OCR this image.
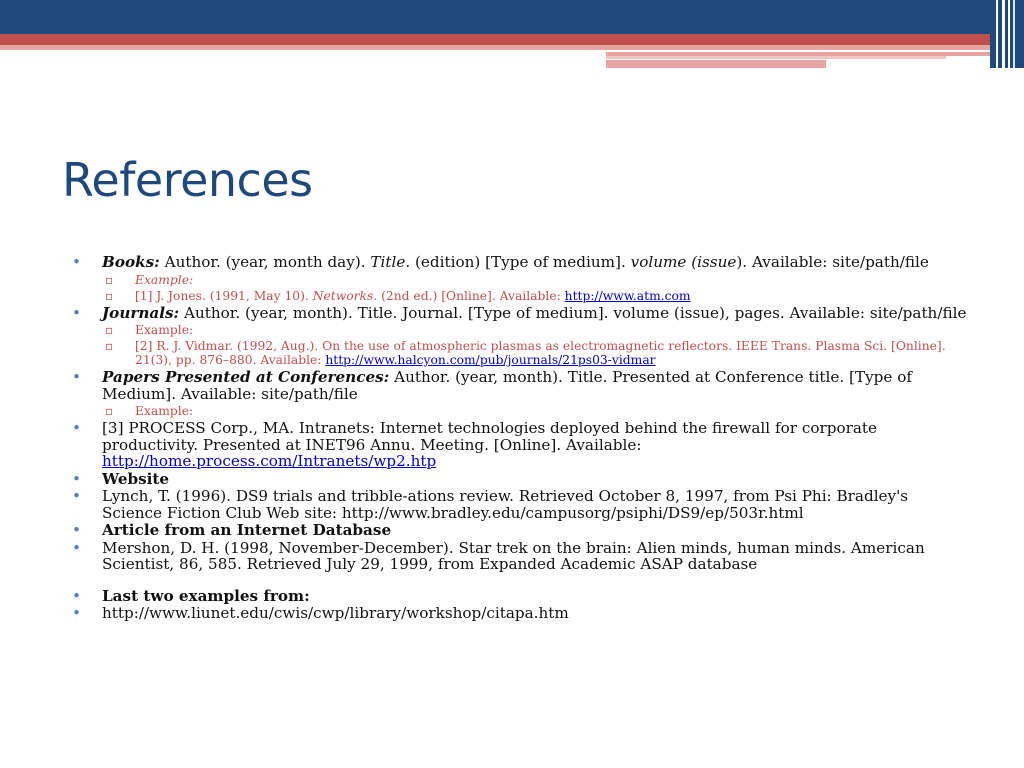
References
• Books: Author. (year, month day). Title. (edition) [Type of medium]. volume (issue). Available: site/path/file
▫ Example:
▫ [1] J. Jones. (1991, May 10). Networks. (2nd ed.) [Online]. Available: http://www.atm.com
• Journals: Author. (year, month). Title. Journal. [Type of medium]. volume (issue), pages. Available: site/path/file
▫ Example:
▫ [2] R. J. Vidmar. (1992, Aug.). On the use of atmospheric plasmas as electromagnetic reflectors. IEEE Trans. Plasma Sci. [Online]. 21(3), pp. 876–880. Available: http://www.halcyon.com/pub/journals/21ps03-vidmar
• Papers Presented at Conferences: Author. (year, month). Title. Presented at Conference title. [Type of Medium]. Available: site/path/file
▫ Example:
• [3] PROCESS Corp., MA. Intranets: Internet technologies deployed behind the firewall for corporate productivity. Presented at INET96 Annu. Meeting. [Online]. Available: http://home.process.com/Intranets/wp2.htp
• Website
• Lynch, T. (1996). DS9 trials and tribble-ations review. Retrieved October 8, 1997, from Psi Phi: Bradley's Science Fiction Club Web site: http://www.bradley.edu/campusorg/psiphi/DS9/ep/503r.html
• Article from an Internet Database
• Mershon, D. H. (1998, November-December). Star trek on the brain: Alien minds, human minds. American Scientist, 86, 585. Retrieved July 29, 1999, from Expanded Academic ASAP database
• Last two examples from:
• http://www.liunet.edu/cwis/cwp/library/workshop/citapa.htm
